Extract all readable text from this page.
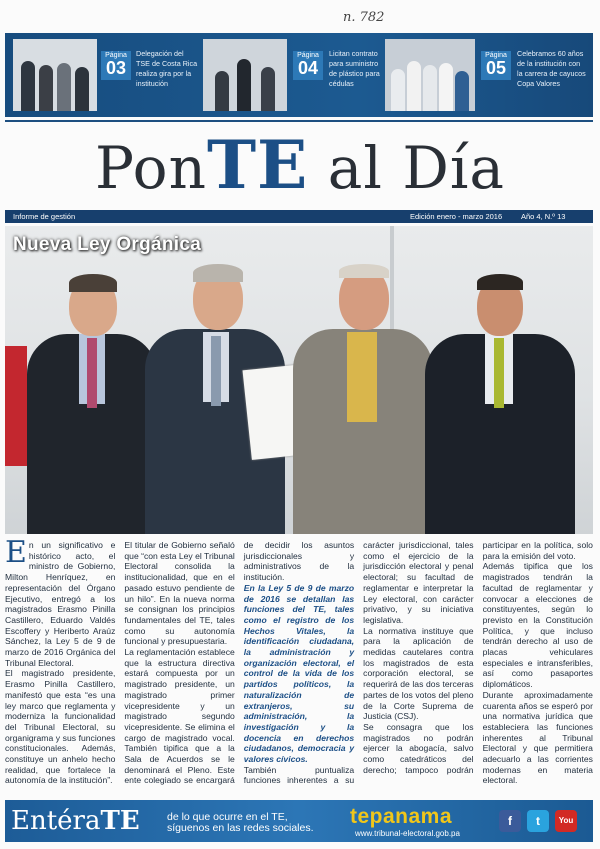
n. 782
Página
03
Delegación del
TSE de Costa Rica
realiza gira por la
institución
Página
04
Licitan contrato
para suministro
de plástico para
cédulas
Página
05
Celebramos 60 años
de la institución con
la carrera de cayucos
Copa Valores
PonTE al Día
Informe de gestión	Edición enero - marzo 2016	Año 4, N.º 13
Nueva Ley Orgánica

En un significativo e histórico acto, el ministro de Gobierno, Milton Henríquez, en representación del Órgano Ejecutivo, entregó a los magistrados Erasmo Pinilla Castillero, Eduardo Valdés Escoffery y Heriberto Araúz Sánchez, la Ley 5 de 9 de marzo de 2016 Orgánica del Tribunal Electoral.

El magistrado presidente, Erasmo Pinilla Castillero, manifestó que esta “es una ley marco que reglamenta y moderniza la funcionalidad del Tribunal Electoral, su organigrama y sus funciones constitucionales. Además, constituye un anhelo hecho realidad, que fortalece la autonomía de la institución”.

El titular de Gobierno señaló que “con esta Ley el Tribunal Electoral consolida la institucionalidad, que en el pasado estuvo pendiente de un hilo”. En la nueva norma se consignan los principios fundamentales del TE, tales como su autonomía funcional y presupuestaria.

La reglamentación establece que la estructura directiva estará compuesta por un magistrado presidente, un magistrado primer vicepresidente y un magistrado segundo vicepresidente. Se elimina el cargo de magistrado vocal. También tipifica que a la Sala de Acuerdos se le denominará el Pleno. Este ente colegiado se encargará de decidir los asuntos jurisdiccionales y administrativos de la institución.

En la Ley 5 de 9 de marzo de 2016 se detallan las funciones del TE, tales como el registro de los Hechos Vitales, la identificación ciudadana, la administración y organización electoral, el control de la vida de los partidos políticos, la naturalización de extranjeros, su administración, la investigación y la docencia en derechos ciudadanos, democracia y valores cívicos.

También puntualiza funciones inherentes a su carácter jurisdiccional, tales como el ejercicio de la jurisdicción electoral y penal electoral; su facultad de reglamentar e interpretar la Ley electoral, con carácter privativo, y su iniciativa legislativa.

La normativa instituye que para la aplicación de medidas cautelares contra los magistrados de esta corporación electoral, se requerirá de las dos terceras partes de los votos del pleno de la Corte Suprema de Justicia (CSJ).

Se consagra que los magistrados no podrán ejercer la abogacía, salvo como catedráticos del derecho; tampoco podrán participar en la política, solo para la emisión del voto.

Además tipifica que los magistrados tendrán la facultad de reglamentar y convocar a elecciones de constituyentes, según lo previsto en la Constitución Política, y que incluso tendrán derecho al uso de placas vehiculares especiales e intransferibles, así como pasaportes diplomáticos.

Durante aproximadamente cuarenta años se esperó por una normativa jurídica que estableciera las funciones inherentes al Tribunal Electoral y que permitiera adecuarlo a las corrientes modernas en materia electoral.

EntéraTE	de lo que ocurre en el TE,
síguenos en las redes sociales. tepanama
www.tribunal-electoral.gob.pa
f	t	You
